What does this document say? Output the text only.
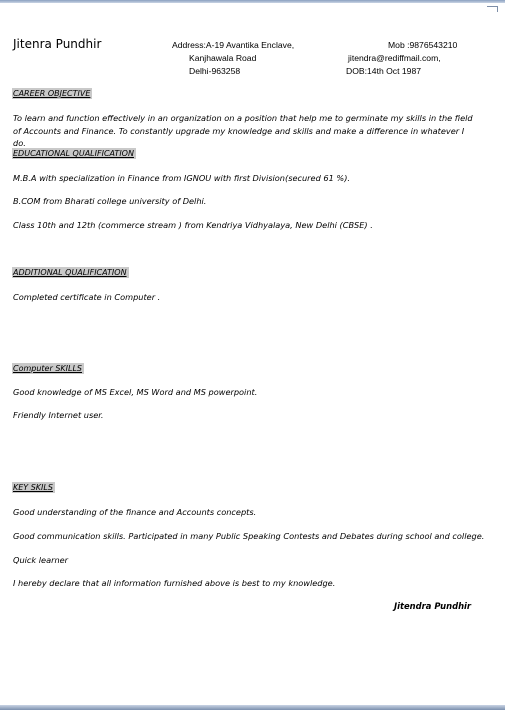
Jitenra Pundhir	Address:A-19 Avantika Enclave,
Kanjhawala Road
Delhi-963258
Mob :9876543210
jitendra@rediffmail.com,
DOB:14th Oct 1987
CAREER OBJECTIVE
To learn and function effectively in an organization on a position that help me to germinate my skills in the field of Accounts and Finance. To constantly upgrade my knowledge and skills and make a difference in whatever I do.
EDUCATIONAL QUALIFICATION
M.B.A with specialization in Finance from IGNOU with first Division(secured 61 %).
B.COM from Bharati college university of Delhi.
Class 10th and 12th (commerce stream ) from Kendriya Vidhyalaya, New Delhi (CBSE) .
ADDITIONAL QUALIFICATION
Completed certificate in Computer .
Computer SKILLS
Good knowledge of MS Excel, MS Word and MS powerpoint.
Friendly Internet user.
KEY SKILS
Good understanding of the finance and Accounts concepts.
Good communication skills. Participated in many Public Speaking Contests and Debates during school and college.
Quick learner
I hereby declare that all information furnished above is best to my knowledge.
Jitendra Pundhir
